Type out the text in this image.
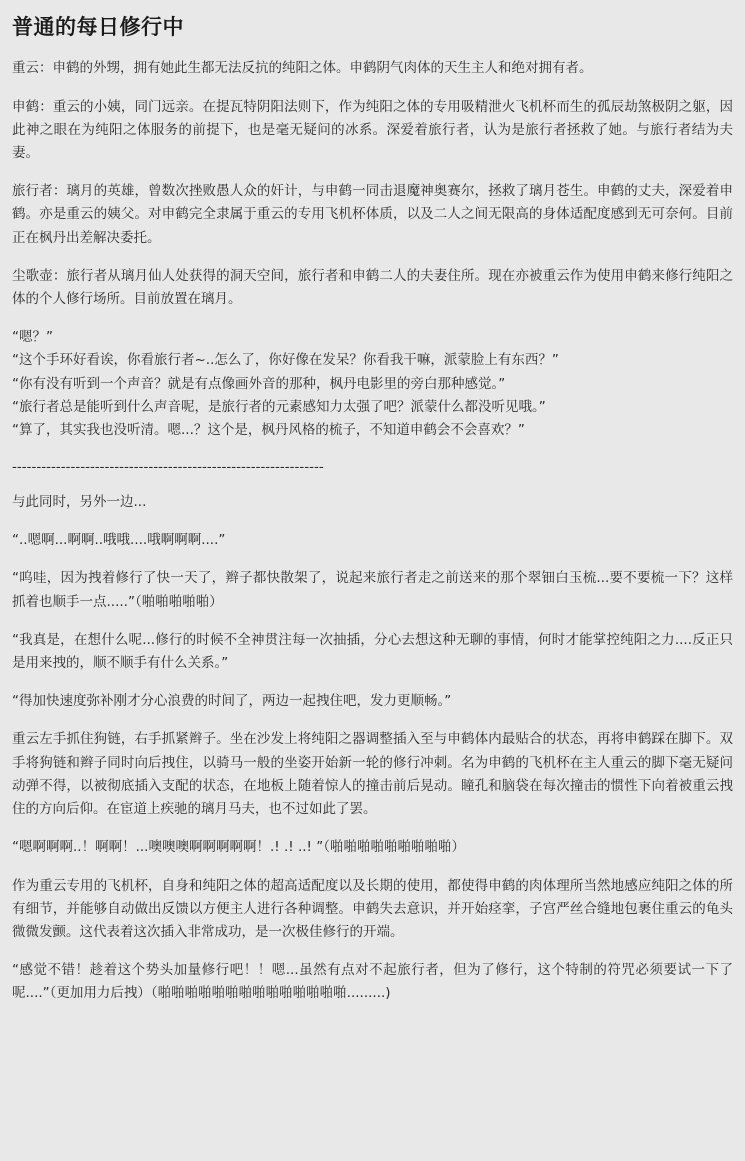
普通的每日修行中

重云：申鹤的外甥，拥有她此生都无法反抗的纯阳之体。申鹤阴气肉体的天生主人和绝对拥有者。

申鹤：重云的小姨，同门远亲。在提瓦特阴阳法则下，作为纯阳之体的专用吸精泄火飞机杯而生的孤辰劫煞极阴之躯，因此神之眼在为纯阳之体服务的前提下，也是毫无疑问的冰系。深爱着旅行者，认为是旅行者拯救了她。与旅行者结为夫妻。

旅行者：璃月的英雄，曾数次挫败愚人众的奸计，与申鹤一同击退魔神奥赛尔，拯救了璃月苍生。申鹤的丈夫，深爱着申鹤。亦是重云的姨父。对申鹤完全隶属于重云的专用飞机杯体质，以及二人之间无限高的身体适配度感到无可奈何。目前正在枫丹出差解决委托。

尘歌壶：旅行者从璃月仙人处获得的洞天空间，旅行者和申鹤二人的夫妻住所。现在亦被重云作为使用申鹤来修行纯阳之体的个人修行场所。目前放置在璃月。

“嗯？”

“这个手环好看诶，你看旅行者~..怎么了，你好像在发呆？你看我干嘛，派蒙脸上有东西？”

“你有没有听到一个声音？就是有点像画外音的那种，枫丹电影里的旁白那种感觉。”

“旅行者总是能听到什么声音呢，是旅行者的元素感知力太强了吧？派蒙什么都没听见哦。”

“算了，其实我也没听清。嗯...？这个是，枫丹风格的梳子，不知道申鹤会不会喜欢？”

----------------------------------------------------------------

与此同时，另外一边...

“..嗯啊...啊啊..哦哦....哦啊啊啊....”

“呜哇，因为拽着修行了快一天了，辫子都快散架了，说起来旅行者走之前送来的那个翠钿白玉梳...要不要梳一下？这样抓着也顺手一点.....”（啪啪啪啪啪）

“我真是，在想什么呢...修行的时候不全神贯注每一次抽插，分心去想这种无聊的事情，何时才能掌控纯阳之力....反正只是用来拽的，顺不顺手有什么关系。”

“得加快速度弥补刚才分心浪费的时间了，两边一起拽住吧，发力更顺畅。”

重云左手抓住狗链，右手抓紧辫子。坐在沙发上将纯阳之器调整插入至与申鹤体内最贴合的状态，再将申鹤踩在脚下。双手将狗链和辫子同时向后拽住，以骑马一般的坐姿开始新一轮的修行冲刺。名为申鹤的飞机杯在主人重云的脚下毫无疑问动弹不得，以被彻底插入支配的状态，在地板上随着惊人的撞击前后晃动。瞳孔和脑袋在每次撞击的惯性下向着被重云拽住的方向后仰。在宦道上疾驰的璃月马夫，也不过如此了罢。

“嗯啊啊啊..！啊啊！...噢噢噢啊啊啊啊啊！.! .! ..! ”（啪啪啪啪啪啪啪啪啪）

作为重云专用的飞机杯，自身和纯阳之体的超高适配度以及长期的使用，都使得申鹤的肉体理所当然地感应纯阳之体的所有细节，并能够自动做出反馈以方便主人进行各种调整。申鹤失去意识，并开始痉挛，子宫严丝合缝地包裹住重云的龟头微微发颤。这代表着这次插入非常成功，是一次极佳修行的开端。

“感觉不错！趁着这个势头加量修行吧！！嗯...虽然有点对不起旅行者，但为了修行，这个特制的符咒必须要试一下了呢....”（更加用力后拽）（啪啪啪啪啪啪啪啪啪啪啪啪啪啪.........)
